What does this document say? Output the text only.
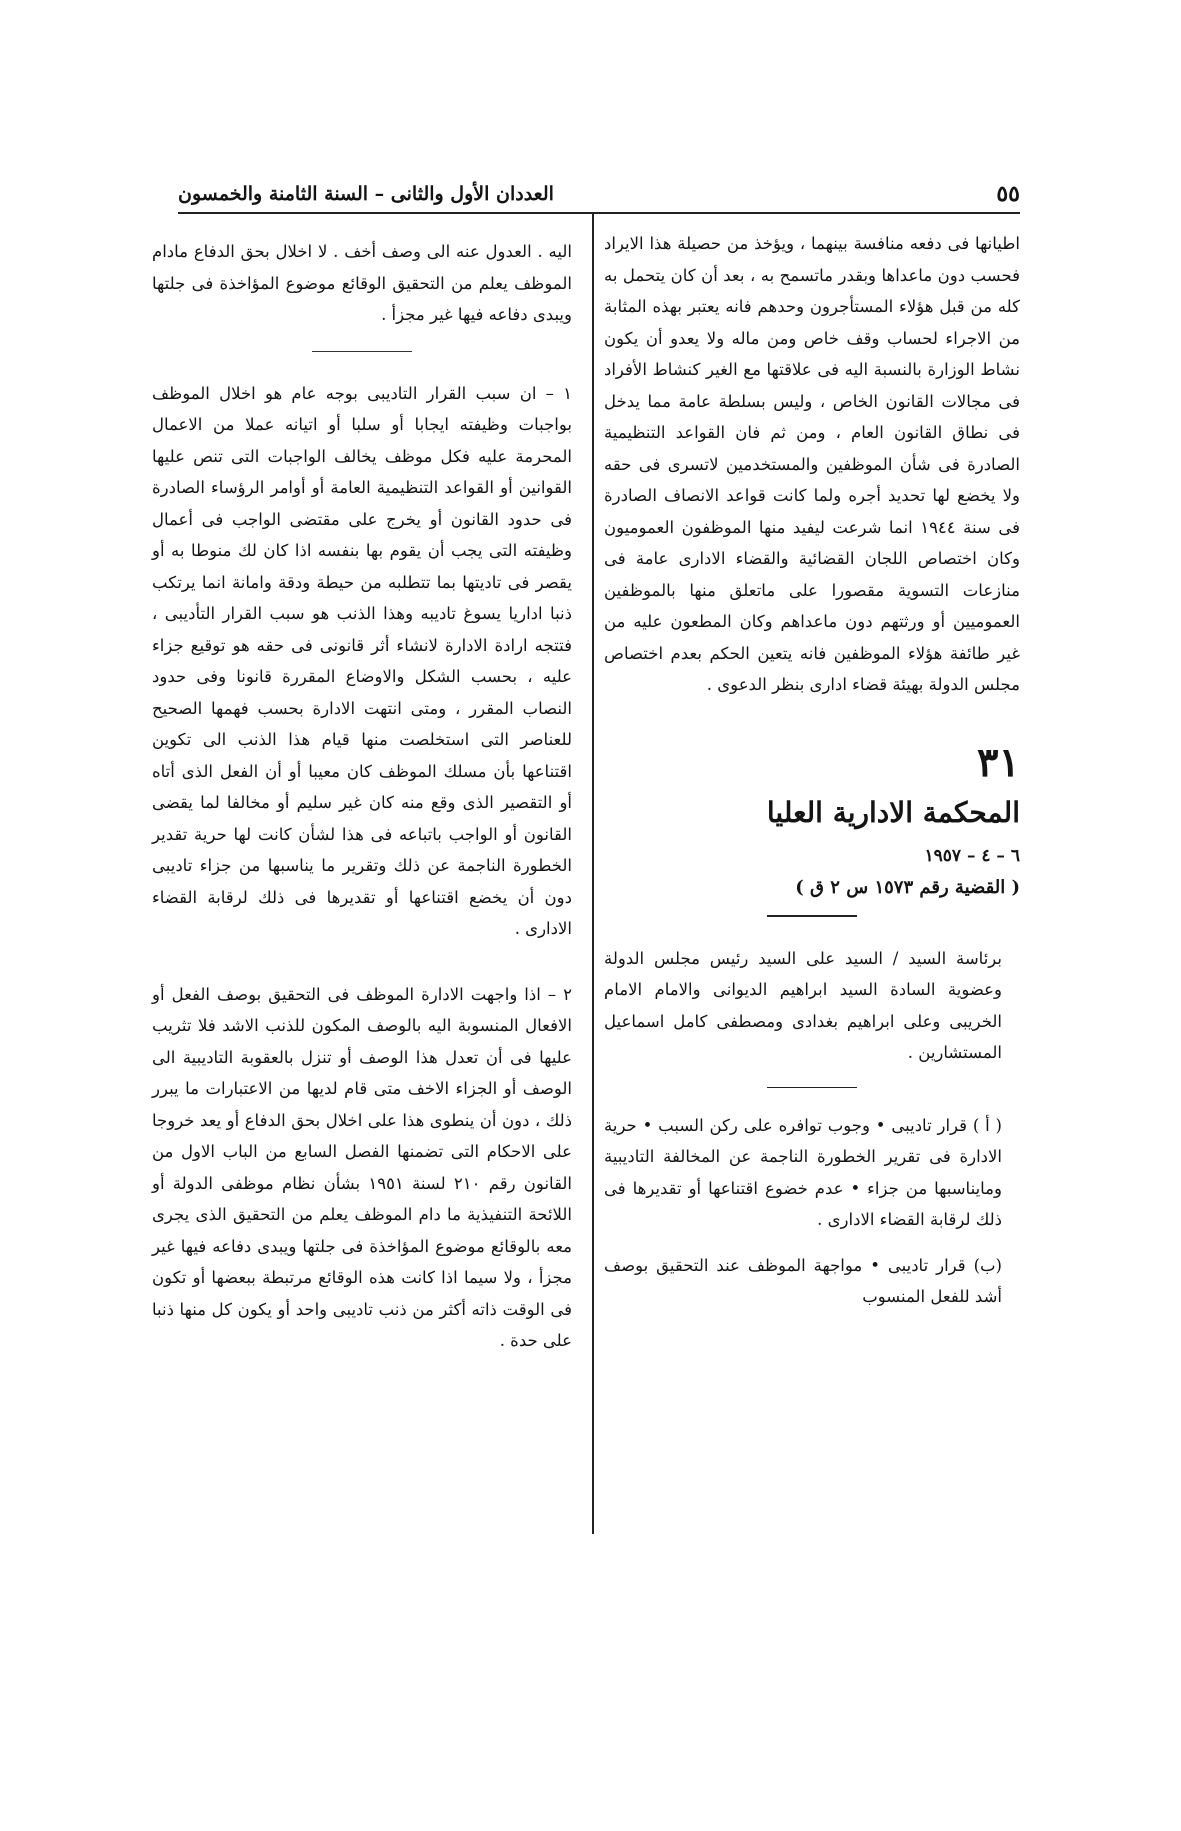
العددان الأول والثانى – السنة الثامنة والخمسون	٥٥

اطيانها فى دفعه منافسة بينهما ، ويؤخذ من حصيلة هذا الايراد فحسب دون ماعداها وبقدر ماتسمح به ، بعد أن كان يتحمل به كله من قبل هؤلاء المستأجرون وحدهم فانه يعتبر بهذه المثابة من الاجراء لحساب وقف خاص ومن ماله ولا يعدو أن يكون نشاط الوزارة بالنسبة اليه فى علاقتها مع الغير كنشاط الأفراد فى مجالات القانون الخاص ، وليس بسلطة عامة مما يدخل فى نطاق القانون العام ، ومن ثم فان القواعد التنظيمية الصادرة فى شأن الموظفين والمستخدمين لاتسرى فى حقه ولا يخضع لها تحديد أجره ولما كانت قواعد الانصاف الصادرة فى سنة ١٩٤٤ انما شرعت ليفيد منها الموظفون العموميون وكان اختصاص اللجان القضائية والقضاء الادارى عامة فى منازعات التسوية مقصورا على ماتعلق منها بالموظفين العموميين أو ورثتهم دون ماعداهم وكان المطعون عليه من غير طائفة هؤلاء الموظفين فانه يتعين الحكم بعدم اختصاص مجلس الدولة بهيئة قضاء ادارى بنظر الدعوى .

٣١
المحكمة الادارية العليا
٦ – ٤ – ١٩٥٧
( القضية رقم ١٥٧٣ س ٢ ق )

برئاسة السيد / السيد على السيد رئيس مجلس الدولة وعضوية السادة السيد ابراهيم الديوانى والامام الامام الخريبى وعلى ابراهيم بغدادى ومصطفى كامل اسماعيل المستشارين .

( أ ) قرار تاديبى • وجوب توافره على ركن السبب • حرية الادارة فى تقرير الخطورة الناجمة عن المخالفة التاديبية ومايناسبها من جزاء • عدم خضوع اقتناعها أو تقديرها فى ذلك لرقابة القضاء الادارى .

(ب) قرار تاديبى • مواجهة الموظف عند التحقيق بوصف أشد للفعل المنسوب

اليه . العدول عنه الى وصف أخف . لا اخلال بحق الدفاع مادام الموظف يعلم من التحقيق الوقائع موضوع المؤاخذة فى جلتها ويبدى دفاعه فيها غير مجزأ .

١ – ان سبب القرار التاديبى بوجه عام هو اخلال الموظف بواجبات وظيفته ايجابا أو سلبا أو اتيانه عملا من الاعمال المحرمة عليه فكل موظف يخالف الواجبات التى تنص عليها القوانين أو القواعد التنظيمية العامة أو أوامر الرؤساء الصادرة فى حدود القانون أو يخرج على مقتضى الواجب فى أعمال وظيفته التى يجب أن يقوم بها بنفسه اذا كان لك منوطا به أو يقصر فى تاديتها بما تتطلبه من حيطة ودقة وامانة انما يرتكب ذنبا اداريا يسوغ تاديبه وهذا الذنب هو سبب القرار التأديبى ، فتتجه ارادة الادارة لانشاء أثر قانونى فى حقه هو توقيع جزاء عليه ، بحسب الشكل والاوضاع المقررة قانونا وفى حدود النصاب المقرر ، ومتى انتهت الادارة بحسب فهمها الصحيح للعناصر التى استخلصت منها قيام هذا الذنب الى تكوين اقتناعها بأن مسلك الموظف كان معيبا أو أن الفعل الذى أتاه أو التقصير الذى وقع منه كان غير سليم أو مخالفا لما يقضى القانون أو الواجب باتباعه فى هذا لشأن كانت لها حرية تقدير الخطورة الناجمة عن ذلك وتقرير ما يناسبها من جزاء تاديبى دون أن يخضع اقتناعها أو تقديرها فى ذلك لرقابة القضاء الادارى .

٢ – اذا واجهت الادارة الموظف فى التحقيق بوصف الفعل أو الافعال المنسوبة اليه بالوصف المكون للذنب الاشد فلا تثريب عليها فى أن تعدل هذا الوصف أو تنزل بالعقوبة التاديبية الى الوصف أو الجزاء الاخف متى قام لديها من الاعتبارات ما يبرر ذلك ، دون أن ينطوى هذا على اخلال بحق الدفاع أو يعد خروجا على الاحكام التى تضمنها الفصل السابع من الباب الاول من القانون رقم ٢١٠ لسنة ١٩٥١ بشأن نظام موظفى الدولة أو اللائحة التنفيذية ما دام الموظف يعلم من التحقيق الذى يجرى معه بالوقائع موضوع المؤاخذة فى جلتها ويبدى دفاعه فيها غير مجزأ ، ولا سيما اذا كانت هذه الوقائع مرتبطة ببعضها أو تكون فى الوقت ذاته أكثر من ذنب تاديبى واحد أو يكون كل منها ذنبا على حدة .
